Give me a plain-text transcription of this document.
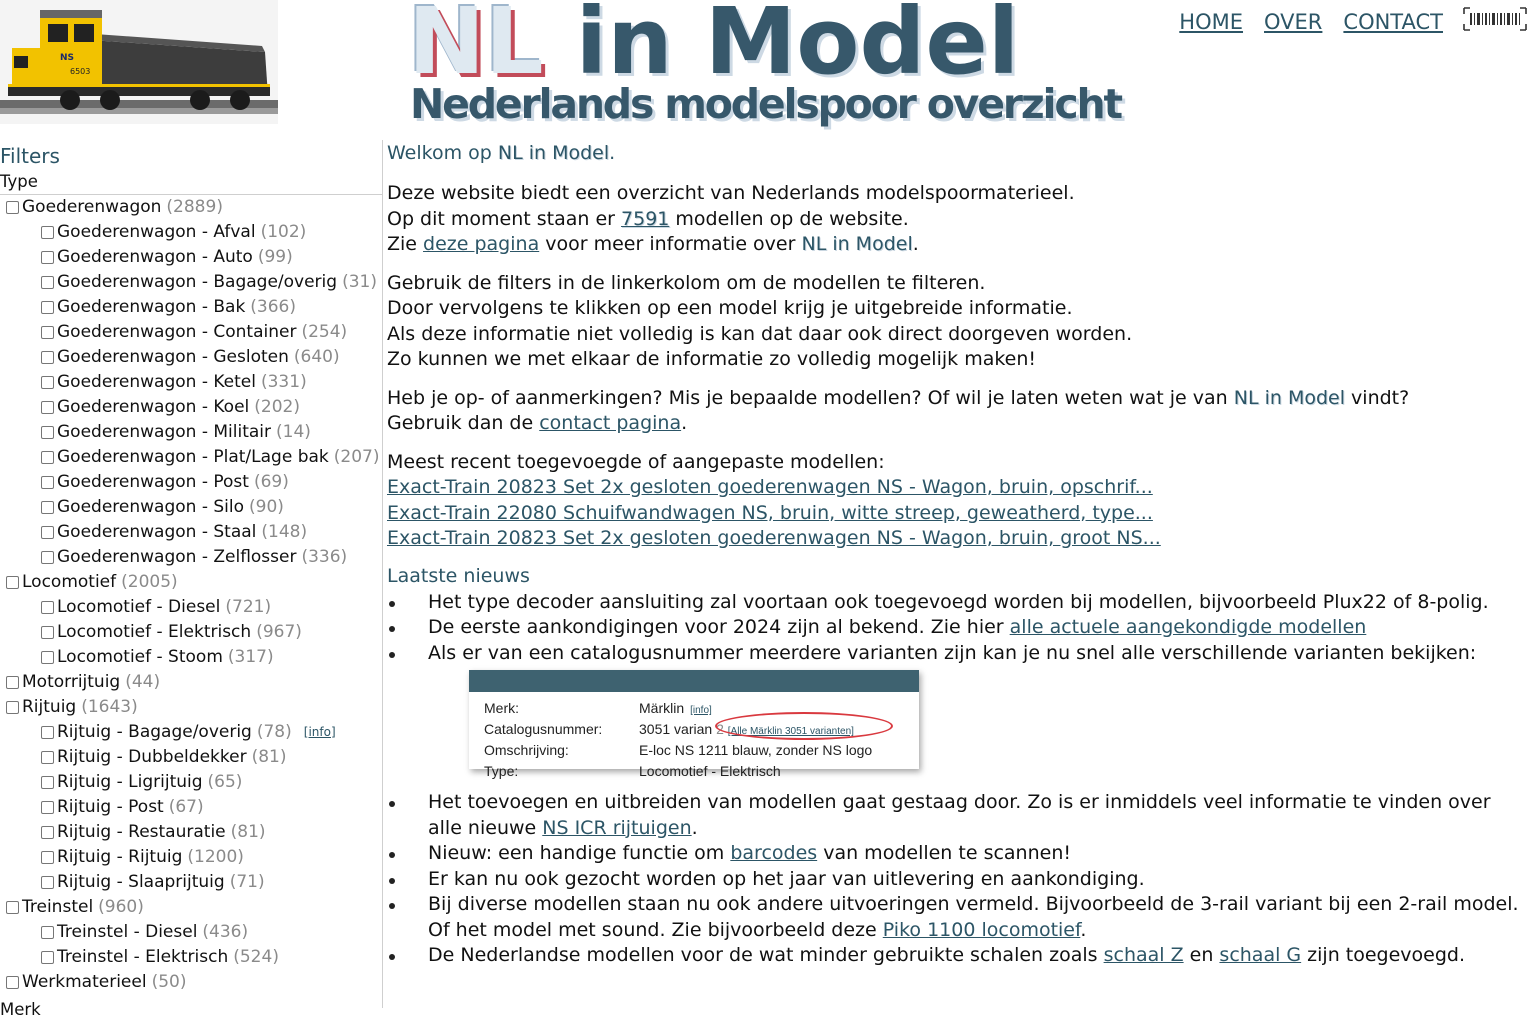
NS
6503	NL in Model
Nederlands modelspoor overzicht
HOME OVER CONTACT
Filters
Type
Goederenwagon (2889)
Goederenwagon - Afval (102)
Goederenwagon - Auto (99)
Goederenwagon - Bagage/overig (31)
Goederenwagon - Bak (366)
Goederenwagon - Container (254)
Goederenwagon - Gesloten (640)
Goederenwagon - Ketel (331)
Goederenwagon - Koel (202)
Goederenwagon - Militair (14)
Goederenwagon - Plat/Lage bak (207)
Goederenwagon - Post (69)
Goederenwagon - Silo (90)
Goederenwagon - Staal (148)
Goederenwagon - Zelflosser (336)
Locomotief (2005)
Locomotief - Diesel (721)
Locomotief - Elektrisch (967)
Locomotief - Stoom (317)
Motorrijtuig (44)
Rijtuig (1643)
Rijtuig - Bagage/overig (78) [info]
Rijtuig - Dubbeldekker (81)
Rijtuig - Ligrijtuig (65)
Rijtuig - Post (67)
Rijtuig - Restauratie (81)
Rijtuig - Rijtuig (1200)
Rijtuig - Slaaprijtuig (71)
Treinstel (960)
Treinstel - Diesel (436)
Treinstel - Elektrisch (524)
Werkmaterieel (50)
Merk

Welkom op NL in Model.

Deze website biedt een overzicht van Nederlands modelspoormaterieel.

Op dit moment staan er 7591 modellen op de website.

Zie deze pagina voor meer informatie over NL in Model.

Gebruik de filters in de linkerkolom om de modellen te filteren.

Door vervolgens te klikken op een model krijg je uitgebreide informatie.

Als deze informatie niet volledig is kan dat daar ook direct doorgeven worden.

Zo kunnen we met elkaar de informatie zo volledig mogelijk maken!

Heb je op- of aanmerkingen? Mis je bepaalde modellen? Of wil je laten weten wat je van NL in Model vindt?

Gebruik dan de contact pagina.

Meest recent toegevoegde of aangepaste modellen:

Exact-Train 20823 Set 2x gesloten goederenwagen NS - Wagon, bruin, opschrif...
Exact-Train 22080 Schuifwandwagen NS, bruin, witte streep, geweatherd, type...
Exact-Train 20823 Set 2x gesloten goederenwagen NS - Wagon, bruin, groot NS...

Laatste nieuws

Het type decoder aansluiting zal voortaan ook toegevoegd worden bij modellen, bijvoorbeeld Plux22 of 8-polig.
De eerste aankondigingen voor 2024 zijn al bekend. Zie hier alle actuele aangekondigde modellen
Als er van een catalogusnummer meerdere varianten zijn kan je nu snel alle verschillende varianten bekijken:
Merk:	Märklin [info]
Catalogusnummer:	3051 varian 2 [Alle Märklin 3051 varianten]
Omschrijving:	E-loc NS 1211 blauw, zonder NS logo
Type:	Locomotief - Elektrisch
Het toevoegen en uitbreiden van modellen gaat gestaag door. Zo is er inmiddels veel informatie te vinden over alle nieuwe NS ICR rijtuigen.
Nieuw: een handige functie om barcodes van modellen te scannen!
Er kan nu ook gezocht worden op het jaar van uitlevering en aankondiging.
Bij diverse modellen staan nu ook andere uitvoeringen vermeld. Bijvoorbeeld de 3-rail variant bij een 2-rail model. Of het model met sound. Zie bijvoorbeeld deze Piko 1100 locomotief.
De Nederlandse modellen voor de wat minder gebruikte schalen zoals schaal Z en schaal G zijn toegevoegd.
